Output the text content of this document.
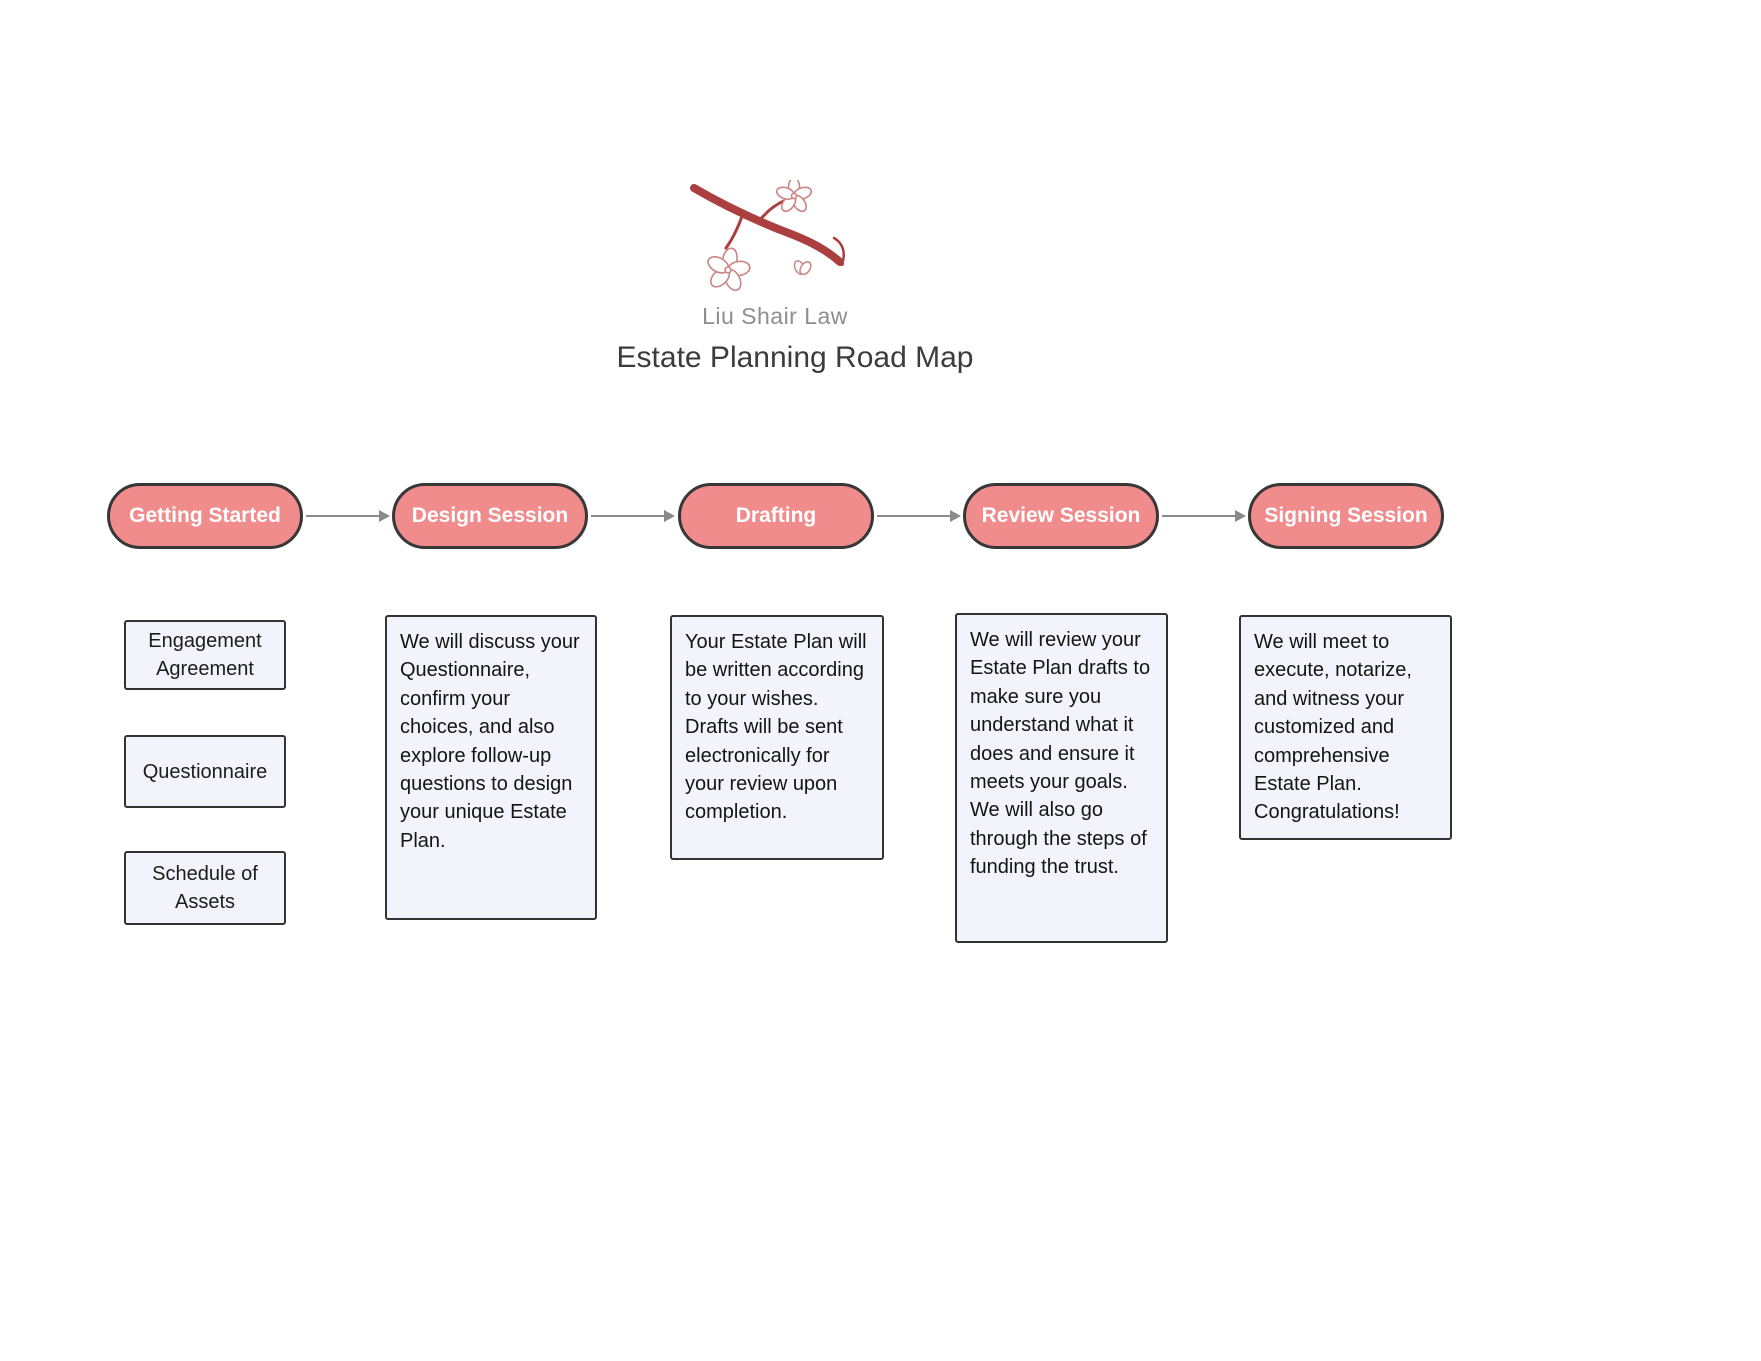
Liu Shair Law
Estate Planning Road Map
Getting Started	Design Session	Drafting	Review Session	Signing Session
Engagement Agreement
Questionnaire
Schedule of Assets
We will discuss your Questionnaire, confirm your choices, and also explore follow-up questions to design your unique Estate Plan.
Your Estate Plan will be written according to your wishes. Drafts will be sent electronically for your review upon completion.
We will review your Estate Plan drafts to make sure you understand what it does and ensure it meets your goals. We will also go through the steps of funding the trust.
We will meet to execute, notarize, and witness your customized and comprehensive Estate Plan. Congratulations!
